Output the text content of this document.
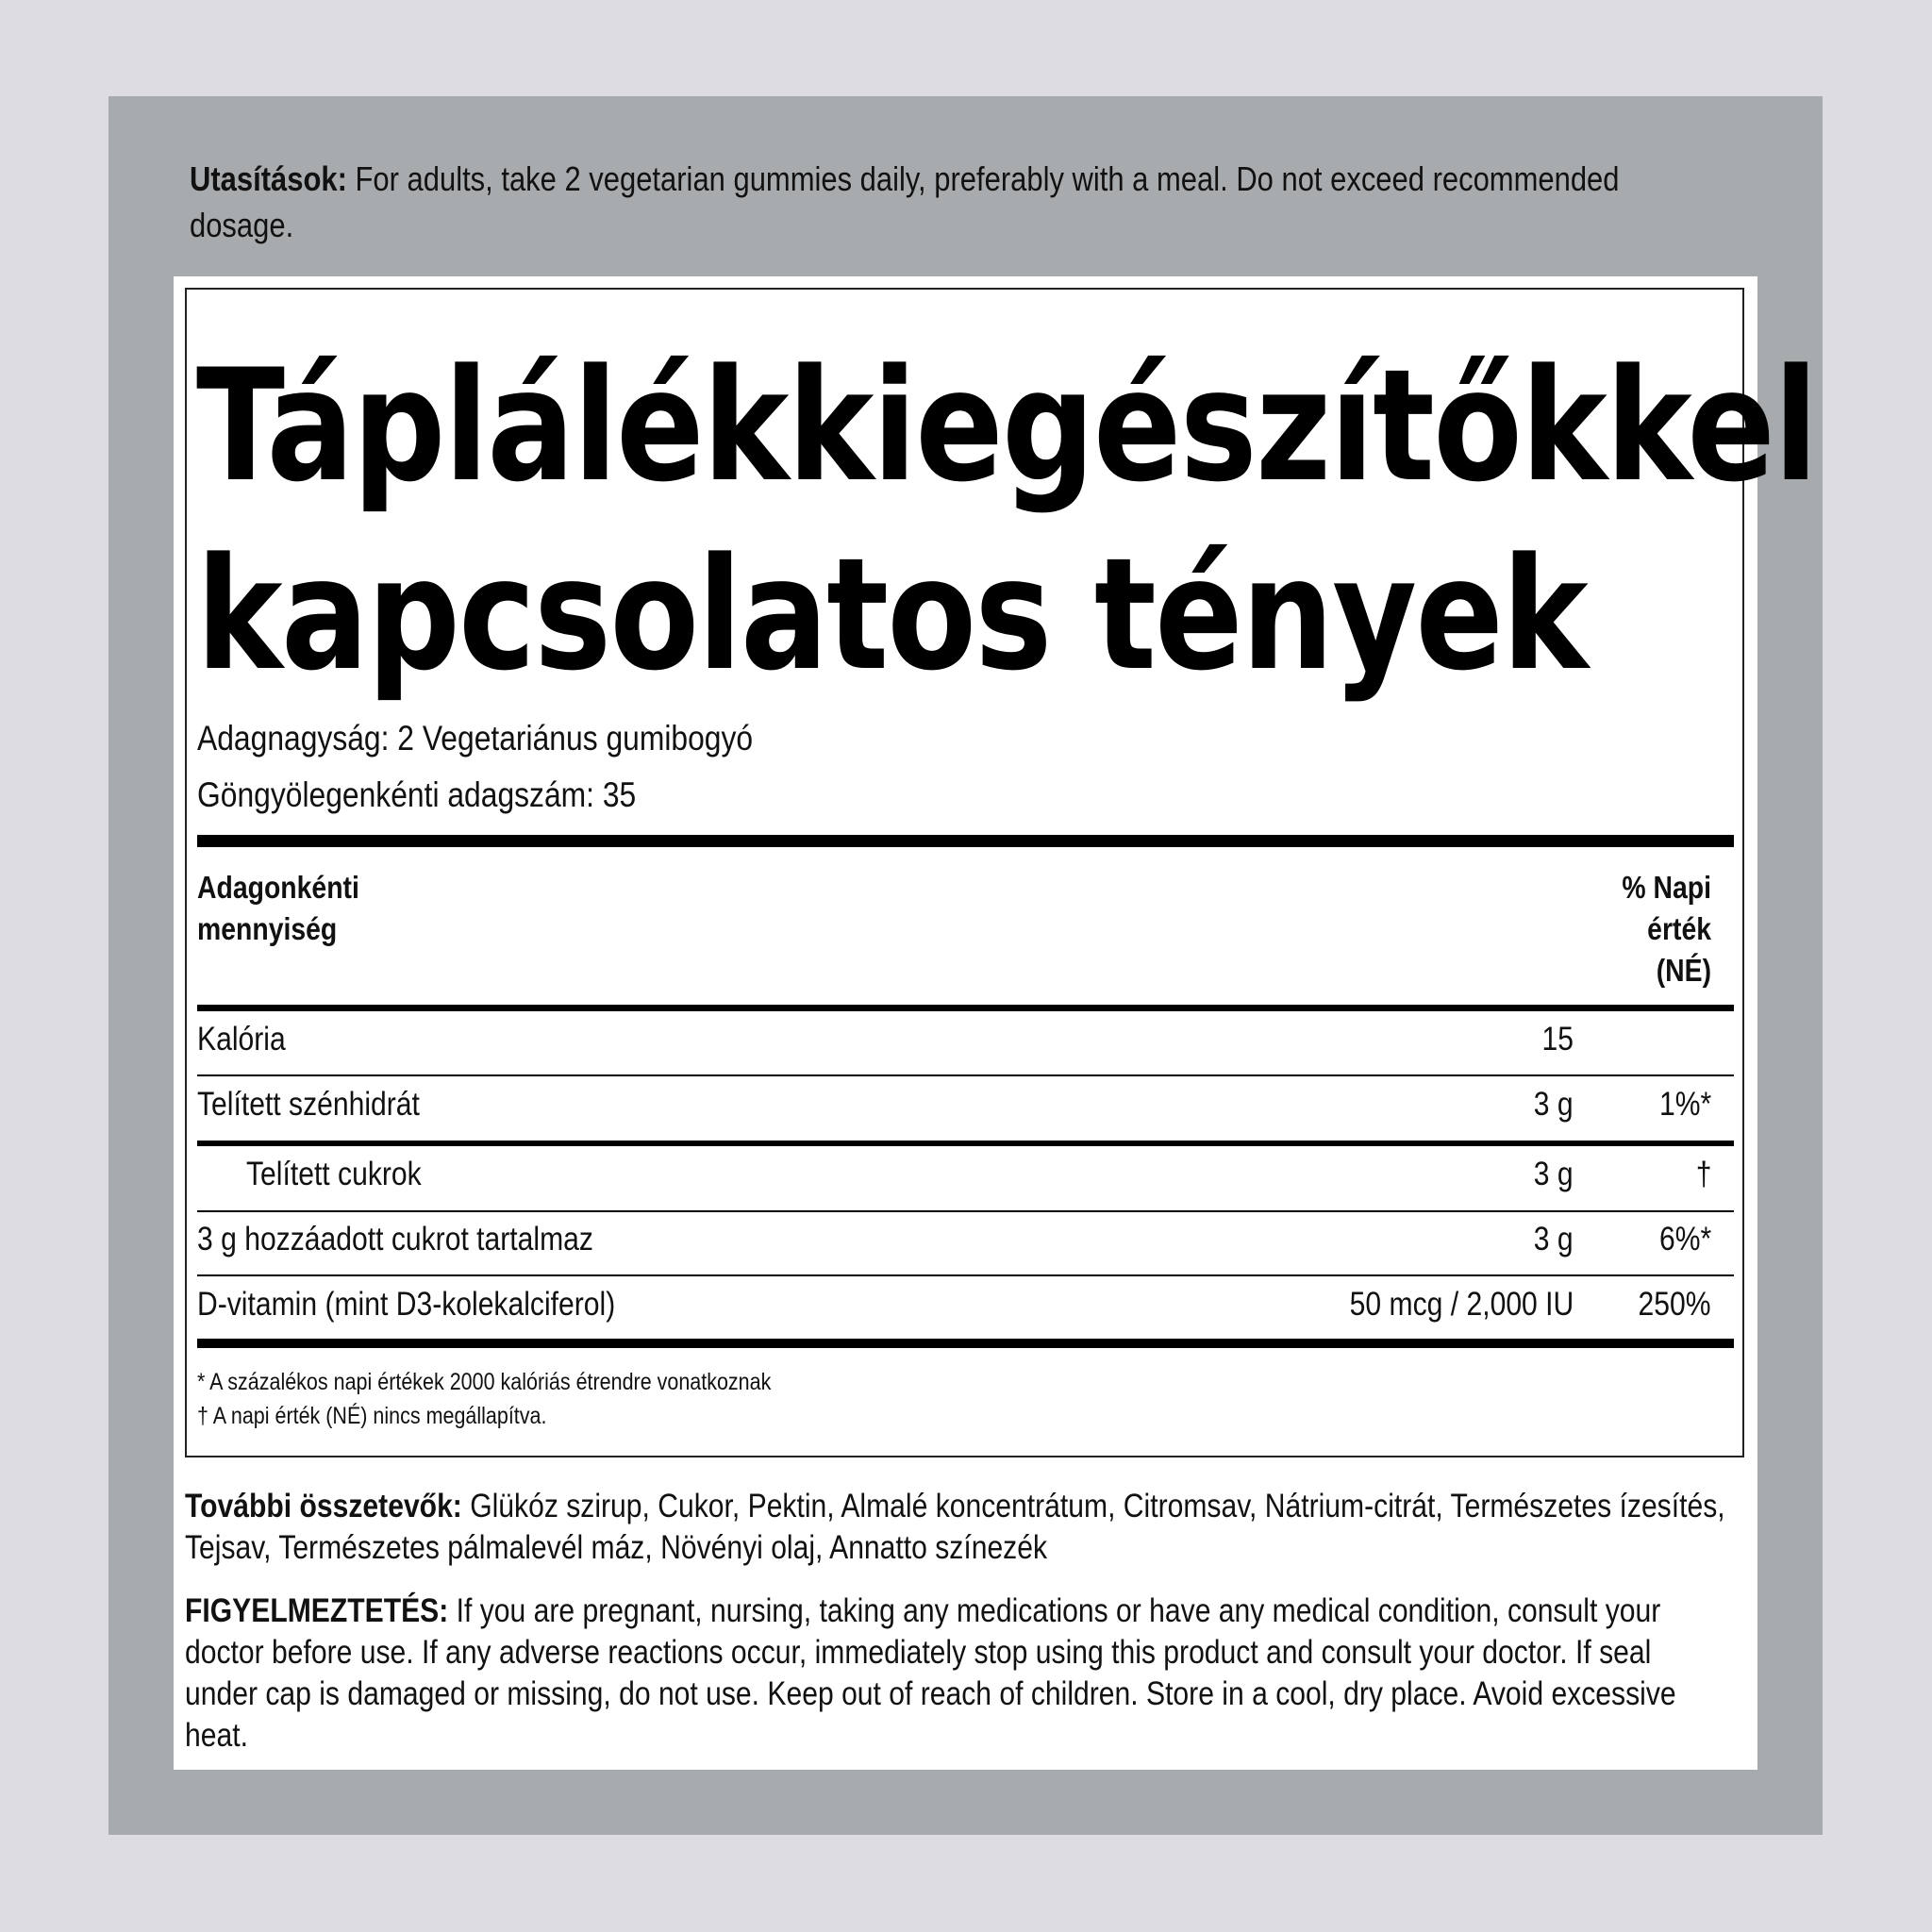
Utasítások: For adults, take 2 vegetarian gummies daily, preferably with a meal. Do not exceed recommended dosage.
Táplálékkiegészítőkkel
kapcsolatos tények
Adagnagyság: 2 Vegetariánus gumibogyó
Göngyölegenkénti adagszám: 35
Adagonkénti
mennyiség
% Napi
érték
(NÉ)
Kalória	15
Telített szénhidrát	3 g	1%*
Telített cukrok	3 g	†
3 g hozzáadott cukrot tartalmaz	3 g	6%*
D-vitamin (mint D3-kolekalciferol)	50 mcg / 2,000 IU 250%
* A százalékos napi értékek 2000 kalóriás étrendre vonatkoznak
† A napi érték (NÉ) nincs megállapítva.
További összetevők: Glükóz szirup, Cukor, Pektin, Almalé koncentrátum, Citromsav, Nátrium-citrát, Természetes ízesítés, Tejsav, Természetes pálmalevél máz, Növényi olaj, Annatto színezék
FIGYELMEZTETÉS: If you are pregnant, nursing, taking any medications or have any medical condition, consult your doctor before use. If any adverse reactions occur, immediately stop using this product and consult your doctor. If seal under cap is damaged or missing, do not use. Keep out of reach of children. Store in a cool, dry place. Avoid excessive heat.
